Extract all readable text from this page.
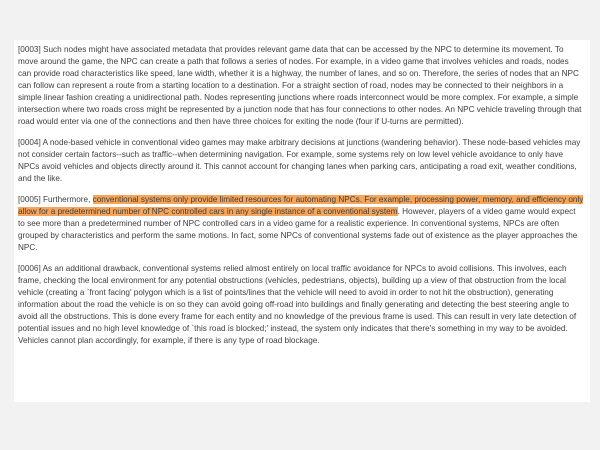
[0003] Such nodes might have associated metadata that provides relevant game data that can be accessed by the NPC to determine its movement. To move around the game, the NPC can create a path that follows a series of nodes. For example, in a video game that involves vehicles and roads, nodes can provide road characteristics like speed, lane width, whether it is a highway, the number of lanes, and so on. Therefore, the series of nodes that an NPC can follow can represent a route from a starting location to a destination. For a straight section of road, nodes may be connected to their neighbors in a simple linear fashion creating a unidirectional path. Nodes representing junctions where roads interconnect would be more complex. For example, a simple intersection where two roads cross might be represented by a junction node that has four connections to other nodes. An NPC vehicle traveling through that road would enter via one of the connections and then have three choices for exiting the node (four if U-turns are permitted).

[0004] A node-based vehicle in conventional video games may make arbitrary decisions at junctions (wandering behavior). These node-based vehicles may not consider certain factors--such as traffic--when determining navigation. For example, some systems rely on low level vehicle avoidance to only have NPCs avoid vehicles and objects directly around it. This cannot account for changing lanes when parking cars, anticipating a road exit, weather conditions, and the like.

[0005] Furthermore, conventional systems only provide limited resources for automating NPCs. For example, processing power, memory, and efficiency only allow for a predetermined number of NPC controlled cars in any single instance of a conventional system. However, players of a video game would expect to see more than a predetermined number of NPC controlled cars in a video game for a realistic experience. In conventional systems, NPCs are often grouped by characteristics and perform the same motions. In fact, some NPCs of conventional systems fade out of existence as the player approaches the NPC.

[0006] As an additional drawback, conventional systems relied almost entirely on local traffic avoidance for NPCs to avoid collisions. This involves, each frame, checking the local environment for any potential obstructions (vehicles, pedestrians, objects), building up a view of that obstruction from the local vehicle (creating a `front facing' polygon which is a list of points/lines that the vehicle will need to avoid in order to not hit the obstruction), generating information about the road the vehicle is on so they can avoid going off-road into buildings and finally generating and detecting the best steering angle to avoid all the obstructions. This is done every frame for each entity and no knowledge of the previous frame is used. This can result in very late detection of potential issues and no high level knowledge of `this road is blocked;' instead, the system only indicates that there's something in my way to be avoided. Vehicles cannot plan accordingly, for example, if there is any type of road blockage.
